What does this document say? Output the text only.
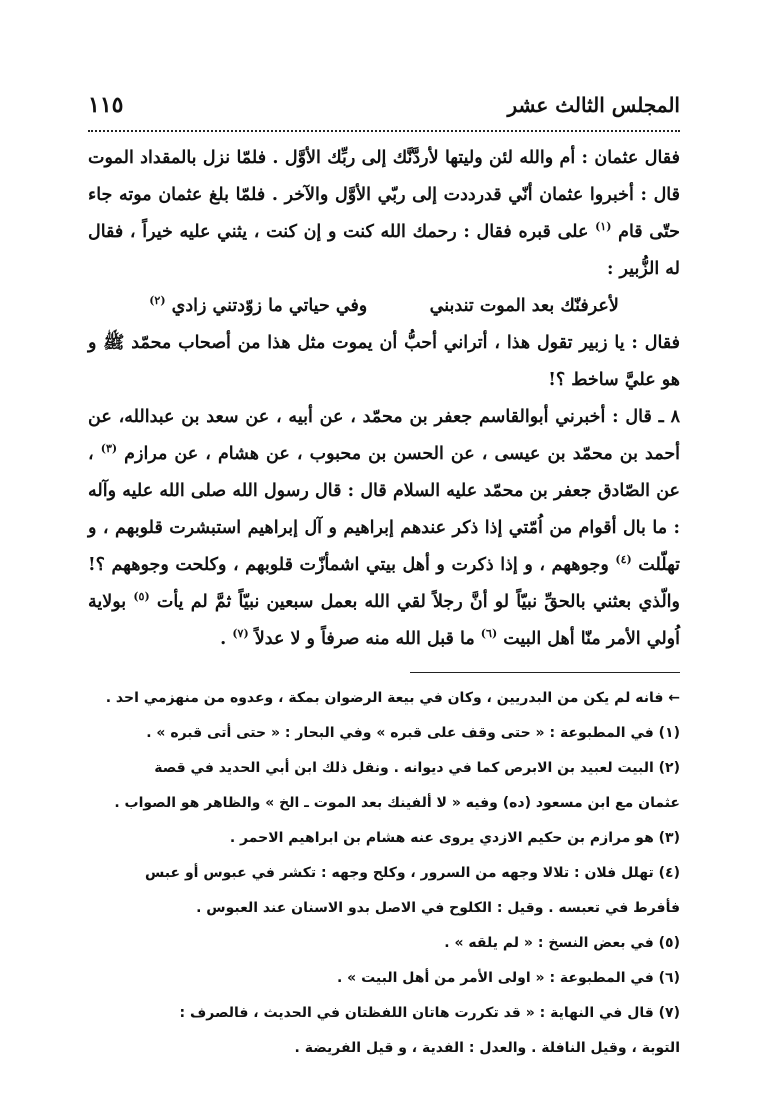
المجلس الثالث عشر
١١٥

فقال عثمان : أم والله لئن وليتها لأردَّنَّك إلى ربِّك الأوَّل . فلمّا نزل بالمقداد الموت قال : أخبروا عثمان أنّي قدرددت إلى ربّي الأوَّل والآخر . فلمّا بلغ عثمان موته جاء حتّى قام $^{(١)}$ على قبره فقال : رحمك الله كنت و إن كنت ، يثني عليه خيراً ، فقال له الزُّبير :

لأعرفنّك بعد الموت تندبني
وفي حياتي ما زوّدتني زادي $^{(٢)}$

فقال : يا زبير تقول هذا ، أتراني أحبُّ أن يموت مثل هذا من أصحاب محمّد ﷺ و هو عليَّ ساخط ؟!

٨ ـ قال : أخبرني أبوالقاسم جعفر بن محمّد ، عن أبيه ، عن سعد بن عبدالله، عن أحمد بن محمّد بن عيسى ، عن الحسن بن محبوب ، عن هشام ، عن مرازم $^{(٣)}$ ، عن الصّادق جعفر بن محمّد عليه السلام قال : قال رسول الله صلى الله عليه وآله : ما بال أقوام من اُمّتي إذا ذكر عندهم إبراهيم و آل إبراهيم استبشرت قلوبهم ، و تهلّلت $^{(٤)}$ وجوههم ، و إذا ذكرت و أهل بيتي اشمأزّت قلوبهم ، وكلحت وجوههم ؟! والّذي بعثني بالحقِّ نبيّاً لو أنَّ رجلاً لقي الله بعمل سبعين نبيّاً ثمَّ لم يأت $^{(٥)}$ بولاية اُولي الأمر منّا أهل البيت $^{(٦)}$ ما قبل الله منه صرفاً و لا عدلاً $^{(٧)}$ .

← فانه لم يكن من البدريين ، وكان في بيعة الرضوان بمكة ، وعدوه من منهزمي احد .

(١) في المطبوعة : « حتى وقف على قبره » وفي البحار : « حتى أتى قبره » .

(٢) البيت لعبيد بن الابرص كما في ديوانه . ونقل ذلك ابن أبي الحديد في قصة

عثمان مع ابن مسعود (ده) وفيه « لا ألفينك بعد الموت ـ الخ » والظاهر هو الصواب .

(٣) هو مرازم بن حكيم الازدي يروى عنه هشام بن ابراهيم الاحمر .

(٤) تهلل فلان : تلالا وجهه من السرور ، وكلح وجهه : تكشر في عبوس أو عبس

فأفرط في تعبسه . وقيل : الكلوح في الاصل بدو الاسنان عند العبوس .

(٥) في بعض النسخ : « لم يلقه » .

(٦) في المطبوعة : « اولى الأمر من أهل البيت » .

(٧) قال في النهاية : « قد تكررت هاتان اللفظتان في الحديث ، فالصرف :

التوبة ، وقيل النافلة . والعدل : الفدية ، و قيل الفريضة .
